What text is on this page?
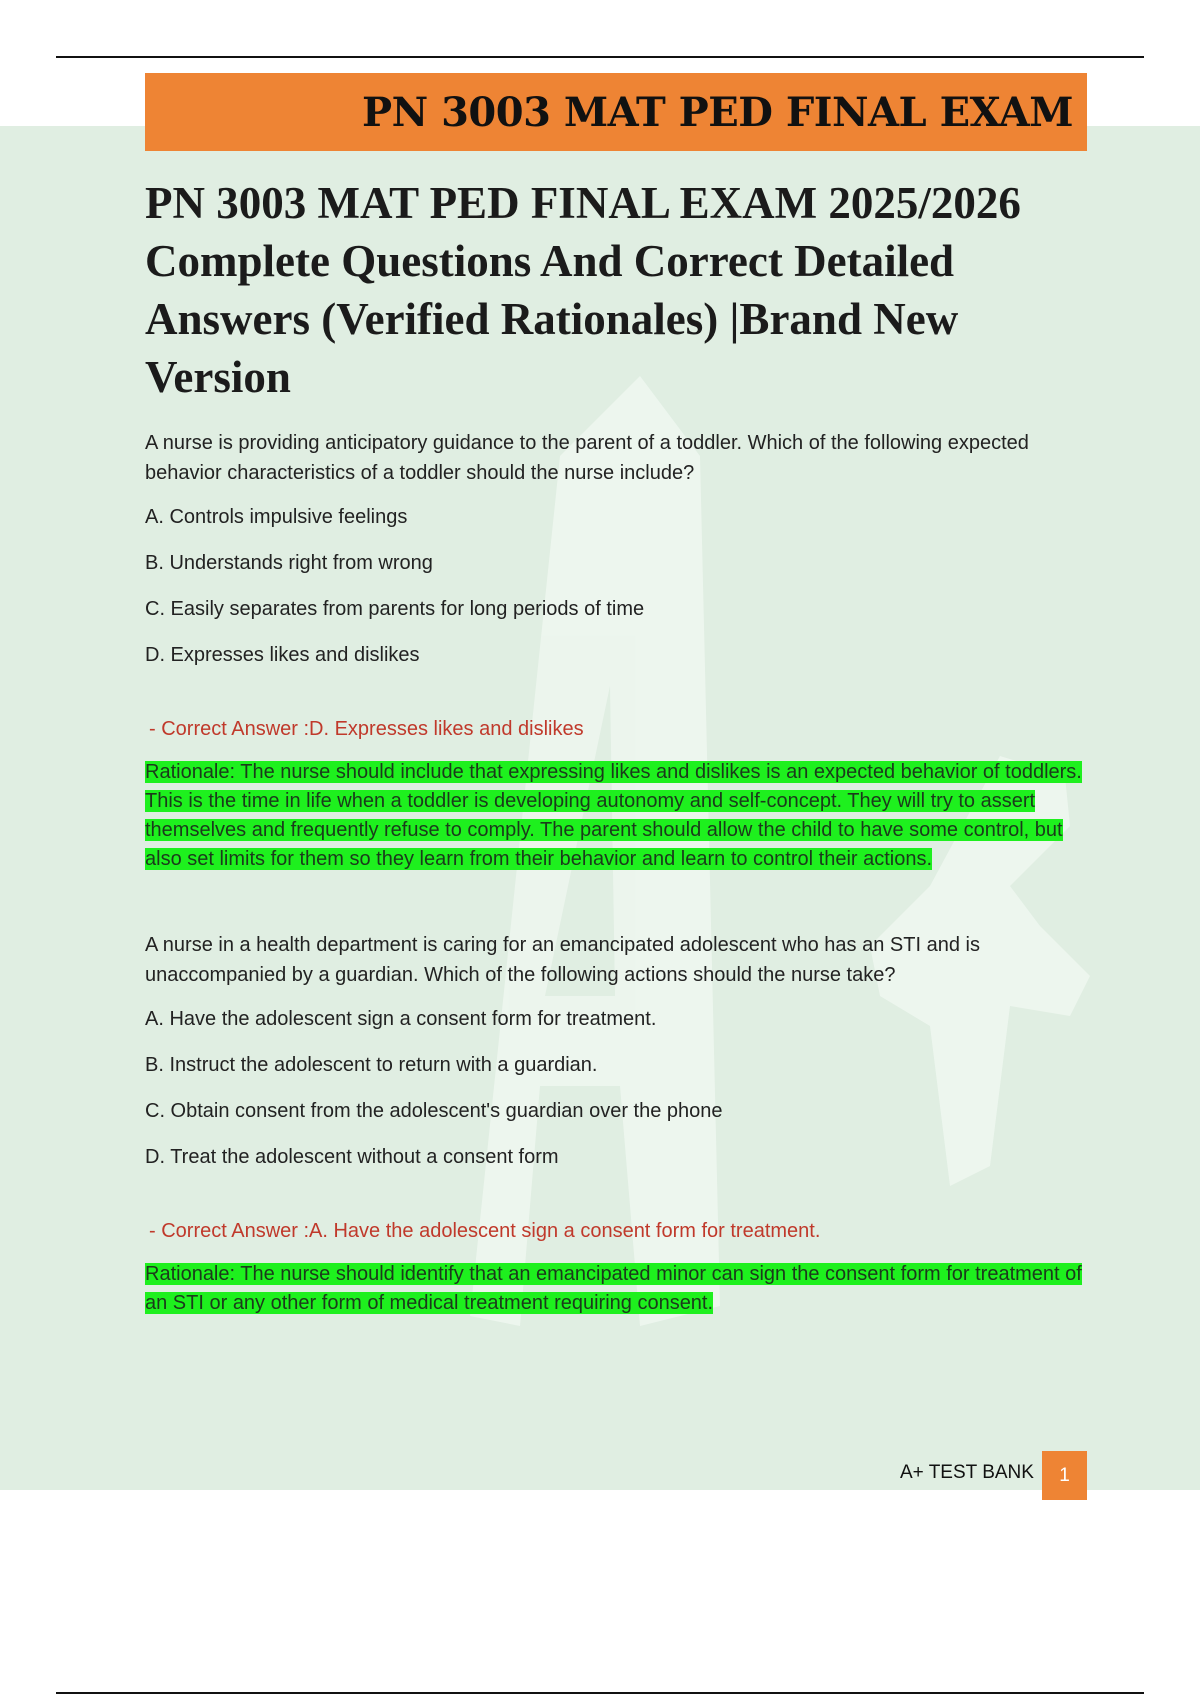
PN 3003 MAT PED FINAL EXAM
PN 3003 MAT PED FINAL EXAM 2025/2026 Complete Questions And Correct Detailed Answers (Verified Rationales) |Brand New Version

A nurse is providing anticipatory guidance to the parent of a toddler. Which of the following expected behavior characteristics of a toddler should the nurse include?

A. Controls impulsive feelings

B. Understands right from wrong

C. Easily separates from parents for long periods of time

D. Expresses likes and dislikes

- Correct Answer :D. Expresses likes and dislikes

Rationale: The nurse should include that expressing likes and dislikes is an expected behavior of toddlers. This is the time in life when a toddler is developing autonomy and self-concept. They will try to assert themselves and frequently refuse to comply. The parent should allow the child to have some control, but also set limits for them so they learn from their behavior and learn to control their actions.

A nurse in a health department is caring for an emancipated adolescent who has an STI and is unaccompanied by a guardian. Which of the following actions should the nurse take?

A. Have the adolescent sign a consent form for treatment.

B. Instruct the adolescent to return with a guardian.

C. Obtain consent from the adolescent's guardian over the phone

D. Treat the adolescent without a consent form

- Correct Answer :A. Have the adolescent sign a consent form for treatment.

Rationale: The nurse should identify that an emancipated minor can sign the consent form for treatment of an STI or any other form of medical treatment requiring consent.

A+ TEST BANK	1
